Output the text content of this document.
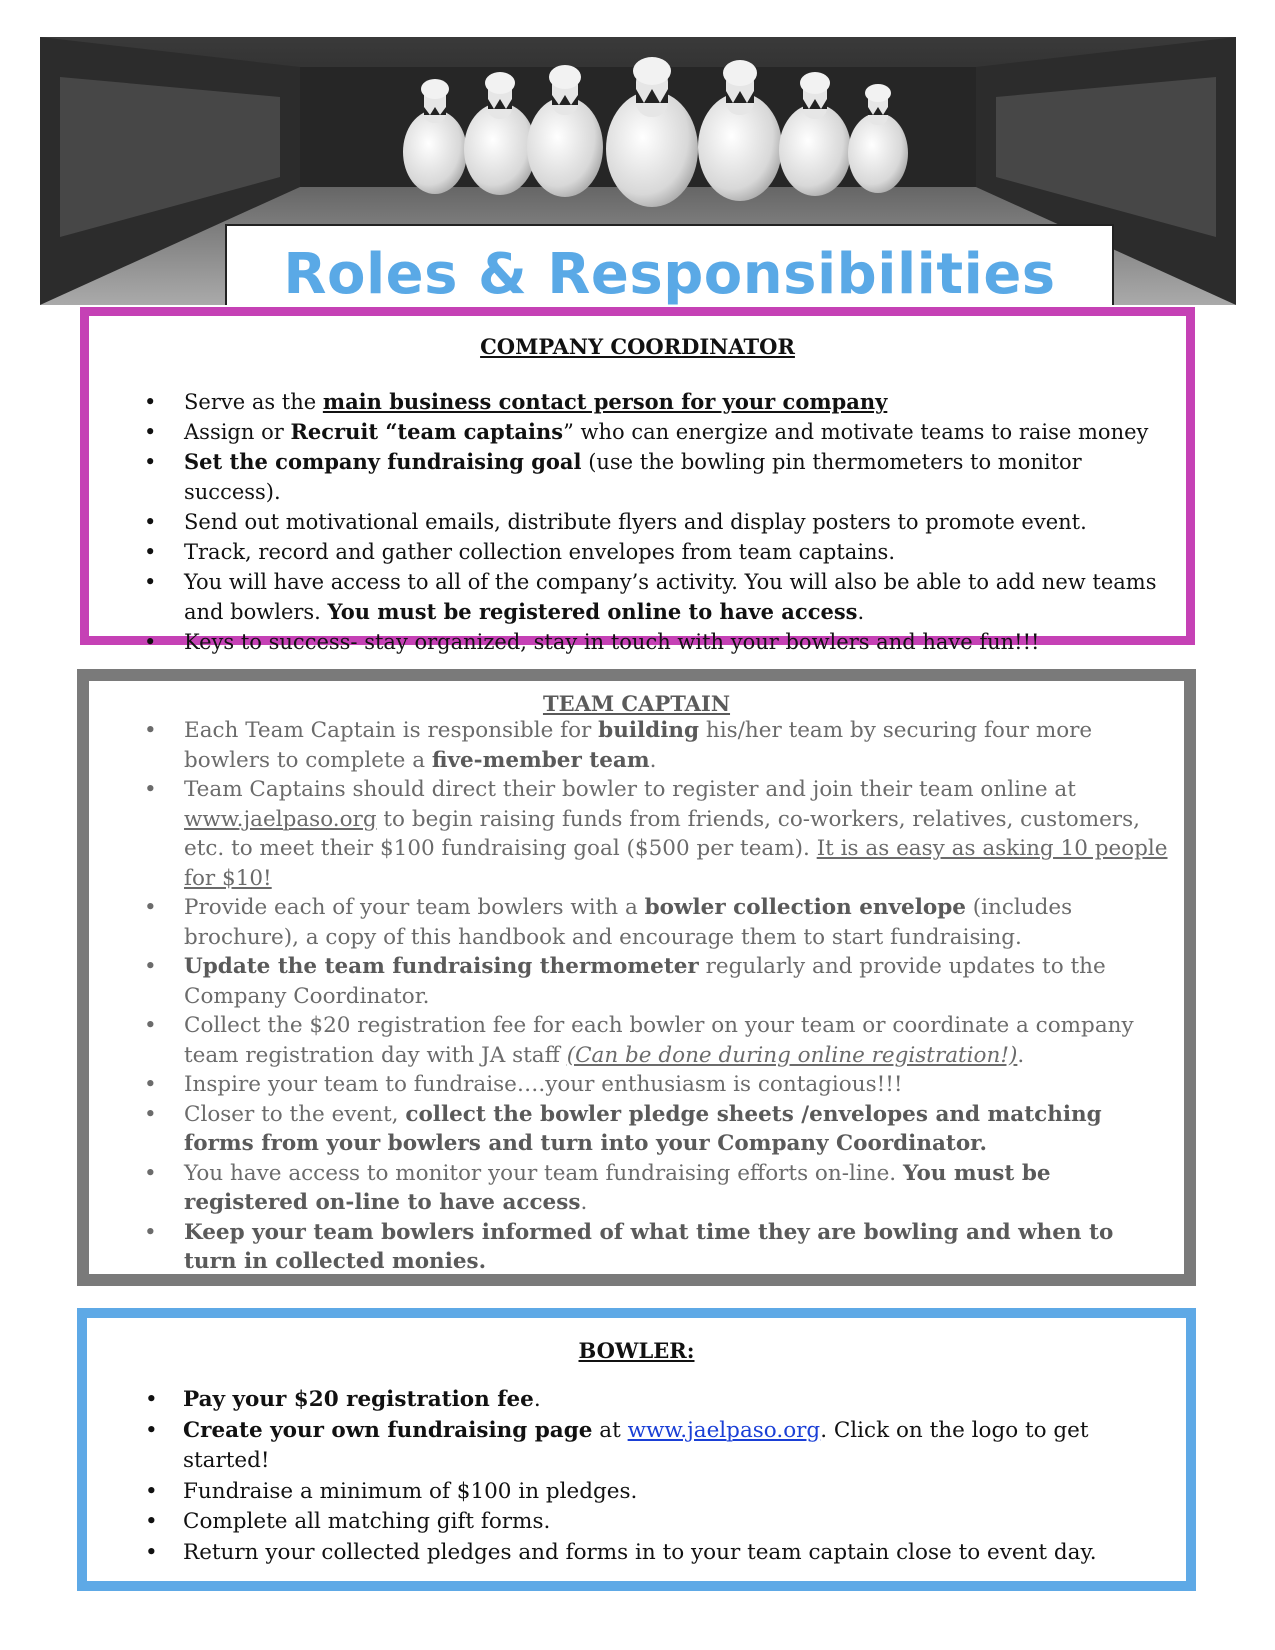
Roles & Responsibilities

COMPANY COORDINATOR

• Serve as the main business contact person for your company
• Assign or Recruit “team captains” who can energize and motivate teams to raise money
• Set the company fundraising goal (use the bowling pin thermometers to monitor success).
• Send out motivational emails, distribute flyers and display posters to promote event.
• Track, record and gather collection envelopes from team captains.
• You will have access to all of the company’s activity. You will also be able to add new teams and bowlers. You must be registered online to have access.
• Keys to success- stay organized, stay in touch with your bowlers and have fun!!!

TEAM CAPTAIN

• Each Team Captain is responsible for building his/her team by securing four more bowlers to complete a five-member team.
• Team Captains should direct their bowler to register and join their team online at www.jaelpaso.org to begin raising funds from friends, co-workers, relatives, customers, etc. to meet their $100 fundraising goal ($500 per team). It is as easy as asking 10 people for $10!
• Provide each of your team bowlers with a bowler collection envelope (includes brochure), a copy of this handbook and encourage them to start fundraising.
• Update the team fundraising thermometer regularly and provide updates to the Company Coordinator.
• Collect the $20 registration fee for each bowler on your team or coordinate a company team registration day with JA staff (Can be done during online registration!).
• Inspire your team to fundraise….your enthusiasm is contagious!!!
• Closer to the event, collect the bowler pledge sheets /envelopes and matching forms from your bowlers and turn into your Company Coordinator.
• You have access to monitor your team fundraising efforts on-line. You must be registered on-line to have access.
• Keep your team bowlers informed of what time they are bowling and when to turn in collected monies.

BOWLER:

• Pay your $20 registration fee.
• Create your own fundraising page at www.jaelpaso.org. Click on the logo to get started!
• Fundraise a minimum of $100 in pledges.
• Complete all matching gift forms.
• Return your collected pledges and forms in to your team captain close to event day.
